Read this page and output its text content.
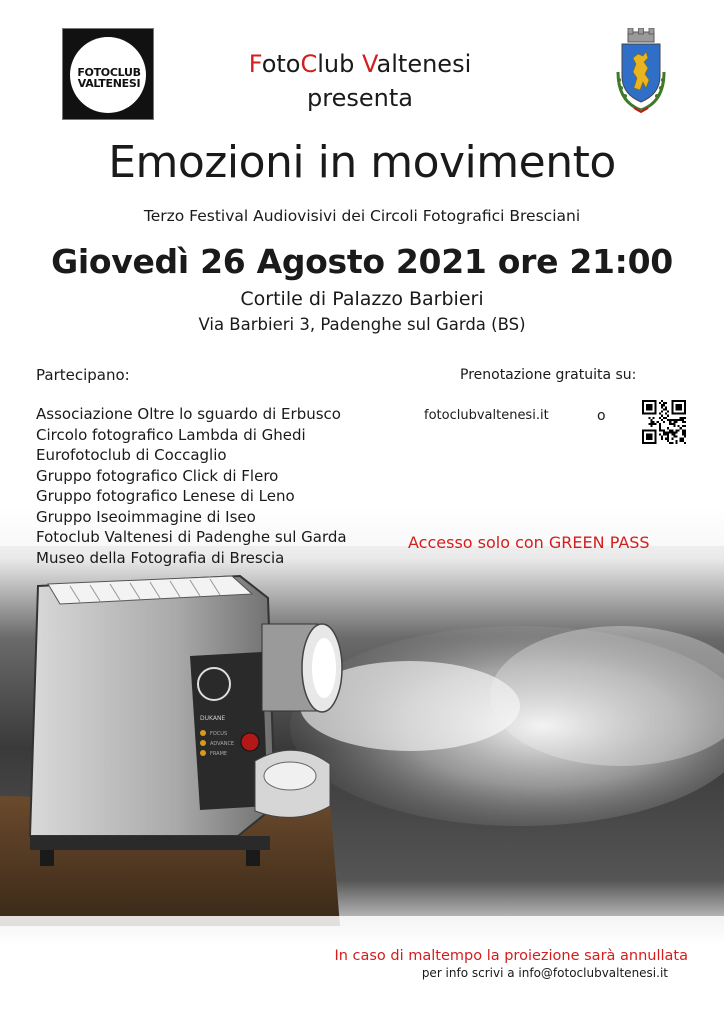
FOTOCLUB
VALTENESI
FotoClub Valtenesi
presenta
Emozioni in movimento
Terzo Festival Audiovisivi dei Circoli Fotografici Bresciani
Giovedì 26 Agosto 2021 ore 21:00
Cortile di Palazzo Barbieri
Via Barbieri 3, Padenghe sul Garda (BS)
DUKANE
FOCUS
ADVANCE
FRAME
Partecipano:
Associazione Oltre lo sguardo di Erbusco
Circolo fotografico Lambda di Ghedi
Eurofotoclub di Coccaglio
Gruppo fotografico Click di Flero
Gruppo fotografico Lenese di Leno
Gruppo Iseoimmagine di Iseo
Fotoclub Valtenesi di Padenghe sul Garda
Museo della Fotografia di Brescia
Prenotazione gratuita su:
fotoclubvaltenesi.it	o
Accesso solo con GREEN PASS
In caso di maltempo la proiezione sarà annullata
per info scrivi a info@fotoclubvaltenesi.it
